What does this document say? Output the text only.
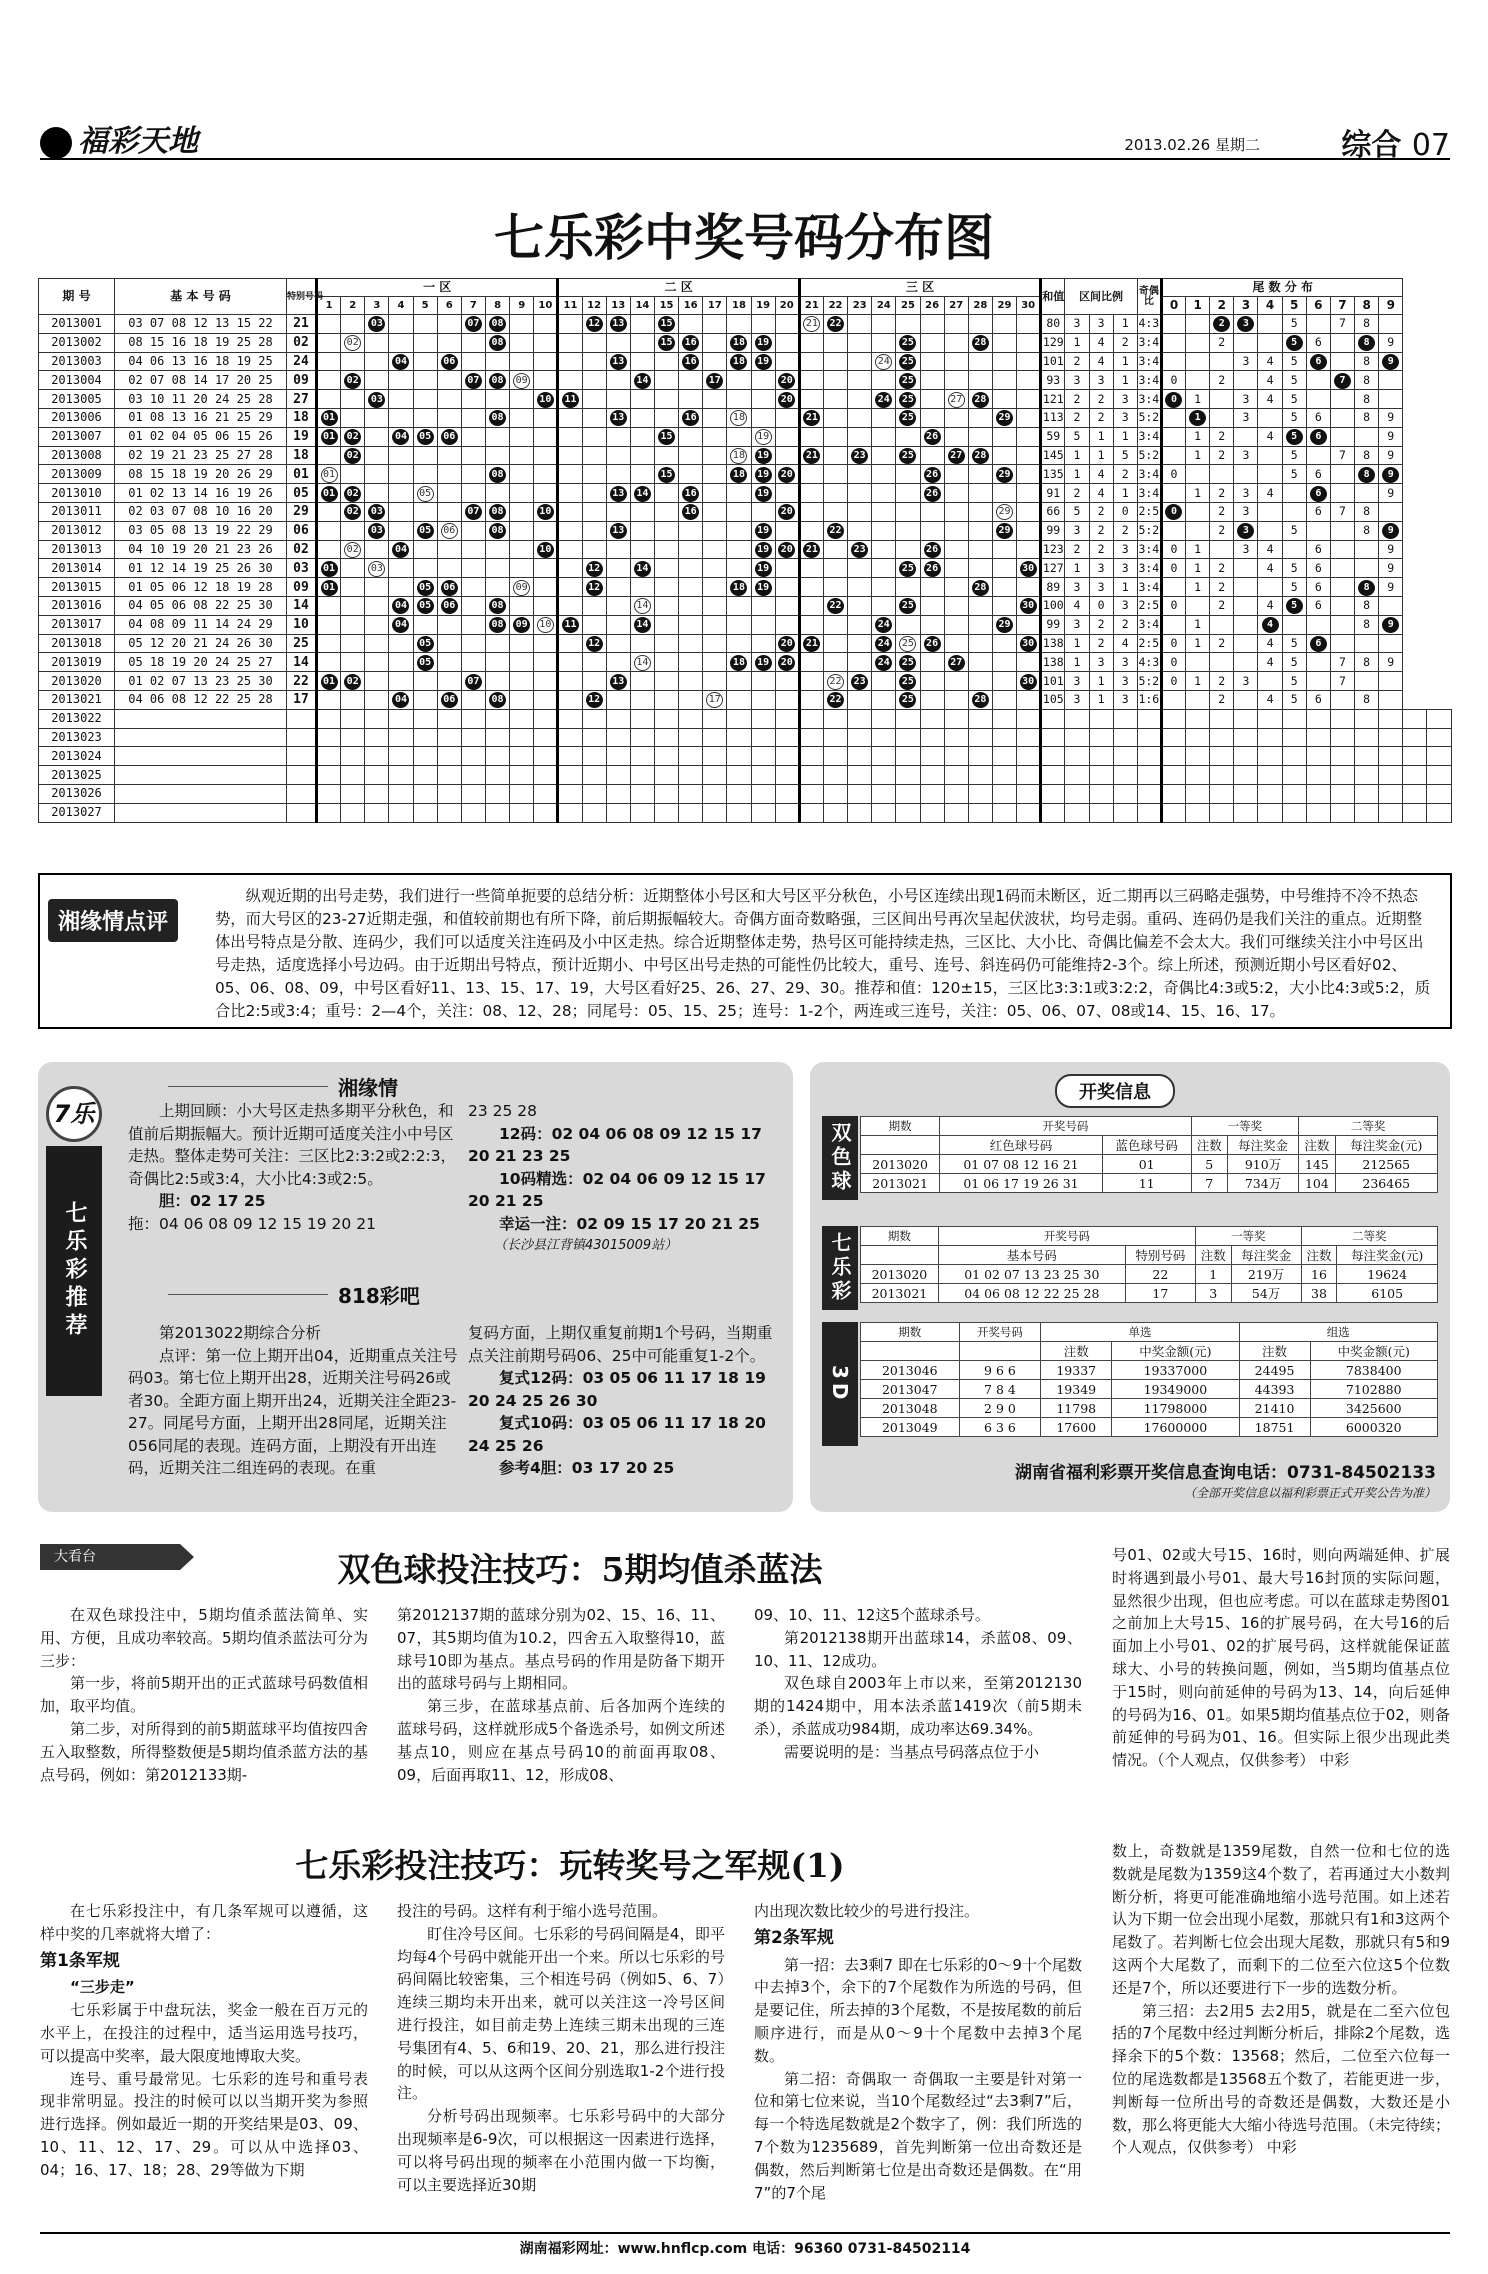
福彩天地	2013.02.26 星期二	综合 07
七乐彩中奖号码分布图
期 号	基 本 号 码	特别号码	一 区										二 区										三 区										和值	区间比例			奇偶比	尾 数 分 布											
			1	2	3	4	5	6	7	8	9	10	11	12	13	14	15	16	17	18	19	20	21	22	23	24	25	26	27	28	29	30						0	1	2	3	4	5	6	7	8	9		
2013001	03 07 08 12 13 15 22	21			03				07	08				12	13		15						21	22									80	3	3	1	4:3			2	3		5		7	8			
2013002	08 15 16 18 19 25 28	02		02						08							15	16		18	19						25			28			129	1	4	2	3:4			2			5	6		8	9		
2013003	04 06 13 16 18 19 25	24				04		06							13			16		18	19					24	25						101	2	4	1	3:4				3	4	5	6		8	9		
2013004	02 07 08 14 17 20 25	09		02					07	08	09					14			17			20					25						93	3	3	1	3:4	0		2		4	5		7	8			
2013005	03 10 11 20 24 25 28	27			03							10	11									20				24	25		27	28			121	2	2	3	3:4	0	1		3	4	5			8			
2013006	01 08 13 16 21 25 29	18	01							08					13			16		18			21				25				29		113	2	2	3	5:2		1		3		5	6		8	9		
2013007	01 02 04 05 06 15 26	19	01	02		04	05	06									15				19							26					59	5	1	1	3:4		1	2		4	5	6			9		
2013008	02 19 21 23 25 27 28	18		02																18	19		21		23		25		27	28			145	1	1	5	5:2		1	2	3		5		7	8	9		
2013009	08 15 18 19 20 26 29	01	01							08							15			18	19	20						26			29		135	1	4	2	3:4	0					5	6		8	9		
2013010	01 02 13 14 16 19 26	05	01	02			05								13	14		16			19							26					91	2	4	1	3:4		1	2	3	4		6			9		
2013011	02 03 07 08 10 16 20	29		02	03				07	08		10						16				20									29		66	5	2	0	2:5	0		2	3			6	7	8			
2013012	03 05 08 13 19 22 29	06			03		05	06		08					13						19			22							29		99	3	2	2	5:2			2	3		5			8	9		
2013013	04 10 19 20 21 23 26	02		02		04						10									19	20	21		23			26					123	2	2	3	3:4	0	1		3	4		6			9		
2013014	01 12 14 19 25 26 30	03	01		03									12		14					19						25	26				30	127	1	3	3	3:4	0	1	2		4	5	6			9		
2013015	01 05 06 12 18 19 28	09	01				05	06			09			12						18	19									28			89	3	3	1	3:4		1	2			5	6		8	9		
2013016	04 05 06 08 22 25 30	14				04	05	06		08						14								22			25					30	100	4	0	3	2:5	0		2		4	5	6		8			
2013017	04 08 09 11 14 24 29	10				04				08	09	10	11			14										24					29		99	3	2	2	3:4		1			4				8	9		
2013018	05 12 20 21 24 26 30	25					05							12								20	21			24	25	26				30	138	1	2	4	2:5	0	1	2		4	5	6					
2013019	05 18 19 20 24 25 27	14					05									14				18	19	20				24	25		27				138	1	3	3	4:3	0				4	5		7	8	9		
2013020	01 02 07 13 23 25 30	22	01	02					07						13									22	23		25					30	101	3	1	3	5:2	0	1	2	3		5		7				
2013021	04 06 08 12 22 25 28	17				04		06		08				12					17					22			25			28			105	3	1	3	1:6			2		4	5	6		8			
2013022																																																	
2013023																																																	
2013024																																																	
2013025																																																	
2013026																																																	
2013027																																																	
湘缘情点评

纵观近期的出号走势，我们进行一些简单扼要的总结分析：近期整体小号区和大号区平分秋色，小号区连续出现1码而未断区，近二期再以三码略走强势，中号维持不冷不热态势，而大号区的23-27近期走强，和值较前期也有所下降，前后期振幅较大。奇偶方面奇数略强，三区间出号再次呈起伏波状，均号走弱。重码、连码仍是我们关注的重点。近期整体出号特点是分散、连码少，我们可以适度关注连码及小中区走热。综合近期整体走势，热号区可能持续走热，三区比、大小比、奇偶比偏差不会太大。我们可继续关注小中号区出号走热，适度选择小号边码。由于近期出号特点，预计近期小、中号区出号走热的可能性仍比较大，重号、连号、斜连码仍可能维持2-3个。综上所述，预测近期小号区看好02、05、06、08、09，中号区看好11、13、15、17、19，大号区看好25、26、27、29、30。推荐和值：120±15，三区比3:3:1或3:2:2，奇偶比4:3或5:2，大小比4:3或5:2，质合比2:5或3:4；重号：2—4个，关注：08、12、28；同尾号：05、15、25；连号：1-2个，两连或三连号，关注：05、06、07、08或14、15、16、17。

7乐
七乐彩推荐
湘缘情
818彩吧
上期回顾：小大号区走热多期平分秋色，和值前后期振幅大。预计近期可适度关注小中号区走热。整体走势可关注：三区比2:3:2或2:2:3，奇偶比2:5或3:4，大小比4:3或2:5。
胆：02 17 25
拖：04 06 08 09 12 15 19 20 21
23 25 28
12码：02 04 06 08 09 12 15 17 20 21 23 25
10码精选：02 04 06 09 12 15 17 20 21 25
幸运一注：02 09 15 17 20 21 25
（长沙县江背镇43015009站）
第2013022期综合分析
点评：第一位上期开出04，近期重点关注号码03。第七位上期开出28，近期关注号码26或者30。全距方面上期开出24，近期关注全距23-27。同尾号方面，上期开出28同尾，近期关注056同尾的表现。连码方面，上期没有开出连码，近期关注二组连码的表现。在重
复码方面，上期仅重复前期1个号码，当期重点关注前期号码06、25中可能重复1-2个。
复式12码：03 05 06 11 17 18 19 20 24 25 26 30
复式10码：03 05 06 11 17 18 20 24 25 26
参考4胆：03 17 20 25
开奖信息
双色球	期数	开奖号码		一等奖		二等奖	
	红色球号码	蓝色球号码	注数	每注奖金	注数	每注奖金(元)
2013020	01 07 08 12 16 21	01	5	910万	145	212565
2013021	01 06 17 19 26 31	11	7	734万	104	236465
七乐彩	期数	开奖号码		一等奖		二等奖	
	基本号码	特别号码	注数	每注奖金	注数	每注奖金(元)
2013020	01 02 07 13 23 25 30	22	1	219万	16	19624
2013021	04 06 08 12 22 25 28	17	3	54万	38	6105
3D
期数	开奖号码	单选		组选	
		注数	中奖金额(元)	注数	中奖金额(元)
2013046	9 6 6	19337	19337000	24495	7838400
2013047	7 8 4	19349	19349000	44393	7102880
2013048	2 9 0	11798	11798000	21410	3425600
2013049	6 3 6	17600	17600000	18751	6000320
湖南省福利彩票开奖信息查询电话：0731-84502133
（全部开奖信息以福利彩票正式开奖公告为准）
大看台	双色球投注技巧：5期均值杀蓝法

在双色球投注中，5期均值杀蓝法简单、实用、方便，且成功率较高。5期均值杀蓝法可分为三步：

第一步，将前5期开出的正式蓝球号码数值相加，取平均值。

第二步，对所得到的前5期蓝球平均值按四舍五入取整数，所得整数便是5期均值杀蓝方法的基点号码，例如：第2012133期-

第2012137期的蓝球分别为02、15、16、11、07，其5期均值为10.2，四舍五入取整得10，蓝球号10即为基点。基点号码的作用是防备下期开出的蓝球号码与上期相同。

第三步，在蓝球基点前、后各加两个连续的蓝球号码，这样就形成5个备选杀号，如例文所述基点10，则应在基点号码10的前面再取08、09，后面再取11、12，形成08、

09、10、11、12这5个蓝球杀号。

第2012138期开出蓝球14，杀蓝08、09、10、11、12成功。

双色球自2003年上市以来，至第2012130期的1424期中，用本法杀蓝1419次（前5期未杀），杀蓝成功984期，成功率达69.34%。

需要说明的是：当基点号码落点位于小

号01、02或大号15、16时，则向两端延伸、扩展时将遇到最小号01、最大号16封顶的实际问题，显然很少出现，但也应考虑。可以在蓝球走势图01之前加上大号15、16的扩展号码，在大号16的后面加上小号01、02的扩展号码，这样就能保证蓝球大、小号的转换问题，例如，当5期均值基点位于15时，则向前延伸的号码为13、14，向后延伸的号码为16、01。如果5期均值基点位于02，则备前延伸的号码为01、16。但实际上很少出现此类情况。（个人观点，仅供参考） 中彩

七乐彩投注技巧：玩转奖号之军规(1)

在七乐彩投注中，有几条军规可以遵循，这样中奖的几率就将大增了：

第1条军规

“三步走”

七乐彩属于中盘玩法，奖金一般在百万元的水平上，在投注的过程中，适当运用选号技巧，可以提高中奖率，最大限度地博取大奖。

连号、重号最常见。七乐彩的连号和重号表现非常明显。投注的时候可以以当期开奖为参照进行选择。例如最近一期的开奖结果是03、09、10、11、12、17、29。可以从中选择03、04；16、17、18；28、29等做为下期

投注的号码。这样有利于缩小选号范围。

盯住冷号区间。七乐彩的号码间隔是4，即平均每4个号码中就能开出一个来。所以七乐彩的号码间隔比较密集，三个相连号码（例如5、6、7）连续三期均未开出来，就可以关注这一冷号区间进行投注，如目前走势上连续三期未出现的三连号集团有4、5、6和19、20、21，那么进行投注的时候，可以从这两个区间分别选取1-2个进行投注。

分析号码出现频率。七乐彩号码中的大部分出现频率是6-9次，可以根据这一因素进行选择，可以将号码出现的频率在小范围内做一下均衡，可以主要选择近30期

内出现次数比较少的号进行投注。

第2条军规

第一招：去3剩7 即在七乐彩的0～9十个尾数中去掉3个，余下的7个尾数作为所选的号码，但是要记住，所去掉的3个尾数，不是按尾数的前后顺序进行，而是从0～9十个尾数中去掉3个尾数。

第二招：奇偶取一 奇偶取一主要是针对第一位和第七位来说，当10个尾数经过“去3剩7”后，每一个特选尾数就是2个数字了，例：我们所选的7个数为1235689，首先判断第一位出奇数还是偶数，然后判断第七位是出奇数还是偶数。在“用7”的7个尾

数上，奇数就是1359尾数，自然一位和七位的选数就是尾数为1359这4个数了，若再通过大小数判断分析，将更可能准确地缩小选号范围。如上述若认为下期一位会出现小尾数，那就只有1和3这两个尾数了。若判断七位会出现大尾数，那就只有5和9这两个大尾数了，而剩下的二位至六位这5个位数还是7个，所以还要进行下一步的选数分析。

第三招：去2用5 去2用5，就是在二至六位包括的7个尾数中经过判断分析后，排除2个尾数，选择余下的5个数：13568；然后，二位至六位每一位的尾选数都是13568五个数了，若能更进一步，判断每一位所出号的奇数还是偶数，大数还是小数，那么将更能大大缩小待选号范围。（未完待续；个人观点，仅供参考） 中彩

湖南福彩网址：www.hnflcp.com 电话：96360 0731-84502114
